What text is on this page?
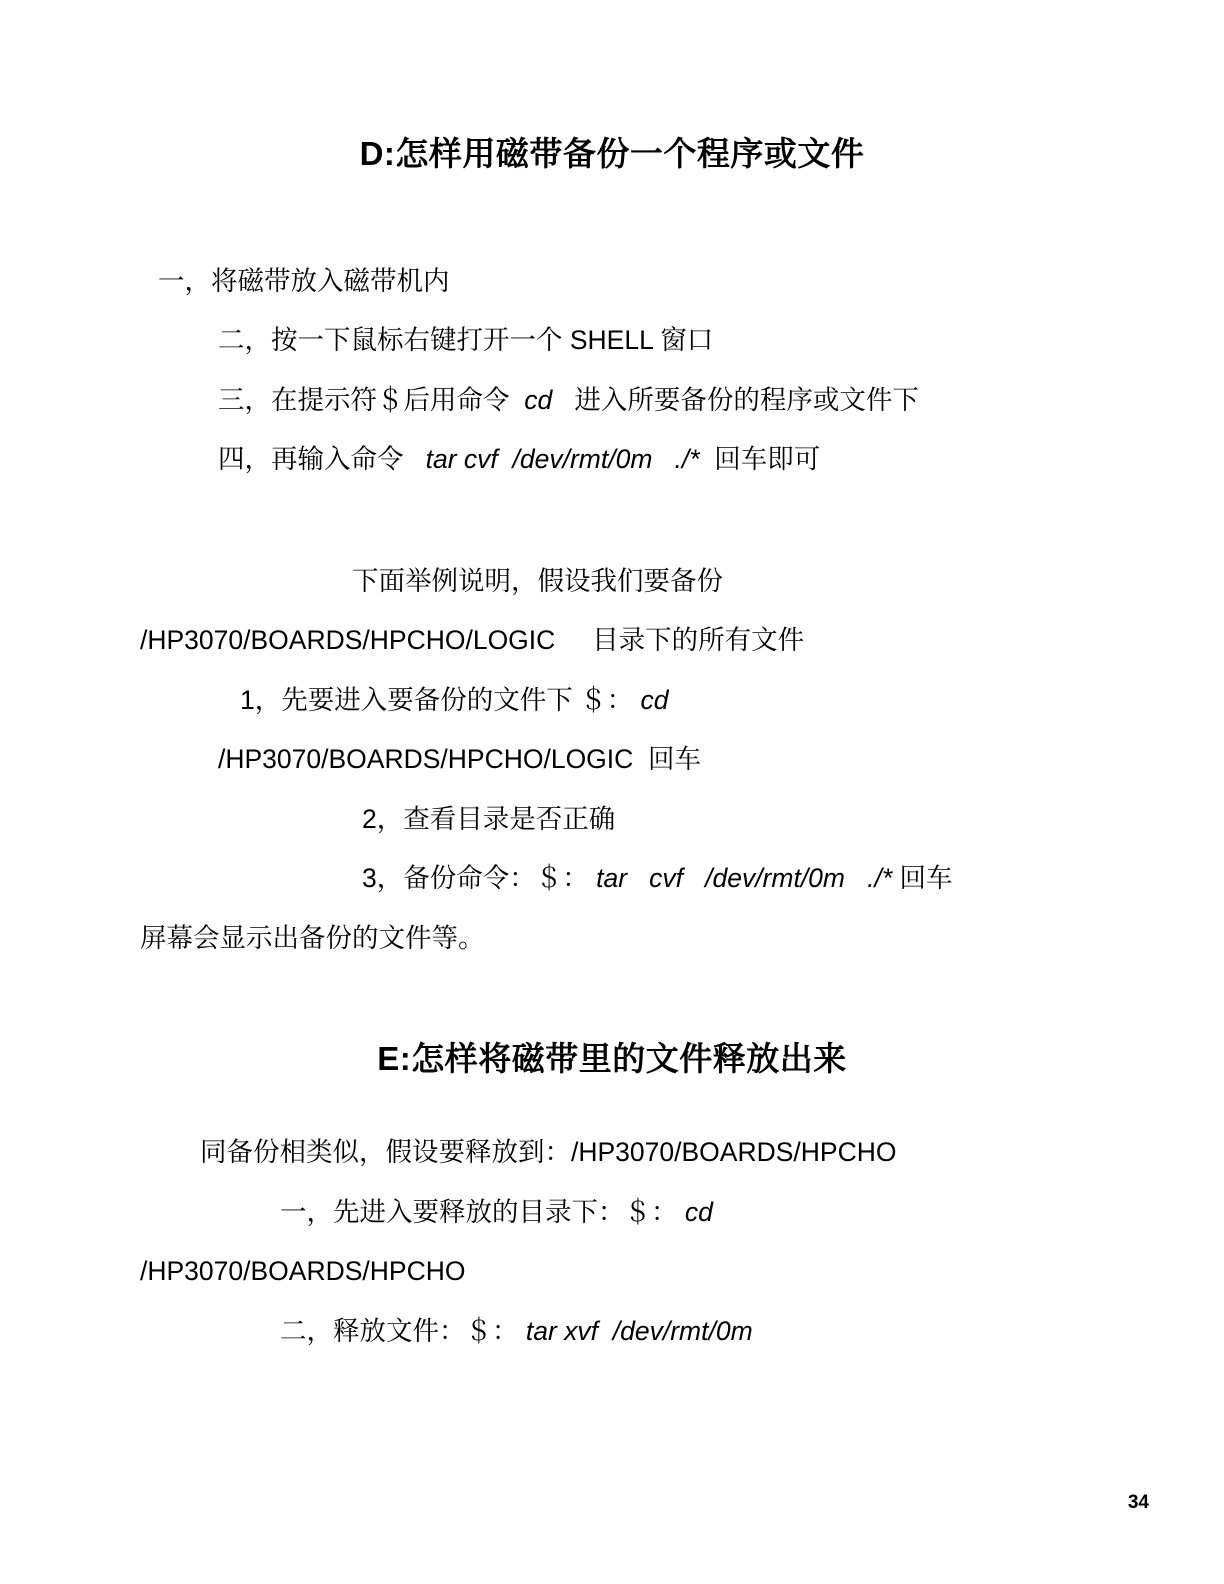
D:怎样用磁带备份一个程序或文件
一，将磁带放入磁带机内
二，按一下鼠标右键打开一个 SHELL 窗口
三，在提示符＄后用命令  cd   进入所要备份的程序或文件下
四，再输入命令   tar cvf  /dev/rmt/0m   ./*  回车即可
下面举例说明，假设我们要备份
/HP3070/BOARDS/HPCHO/LOGIC     目录下的所有文件
1，先要进入要备份的文件下 ＄： cd
/HP3070/BOARDS/HPCHO/LOGIC  回车
2，查看目录是否正确
3，备份命令：＄： tar   cvf   /dev/rmt/0m   ./* 回车
屏幕会显示出备份的文件等。
E:怎样将磁带里的文件释放出来
同备份相类似，假设要释放到：/HP3070/BOARDS/HPCHO
一，先进入要释放的目录下：＄： cd
/HP3070/BOARDS/HPCHO
二，释放文件：＄： tar xvf  /dev/rmt/0m
34
